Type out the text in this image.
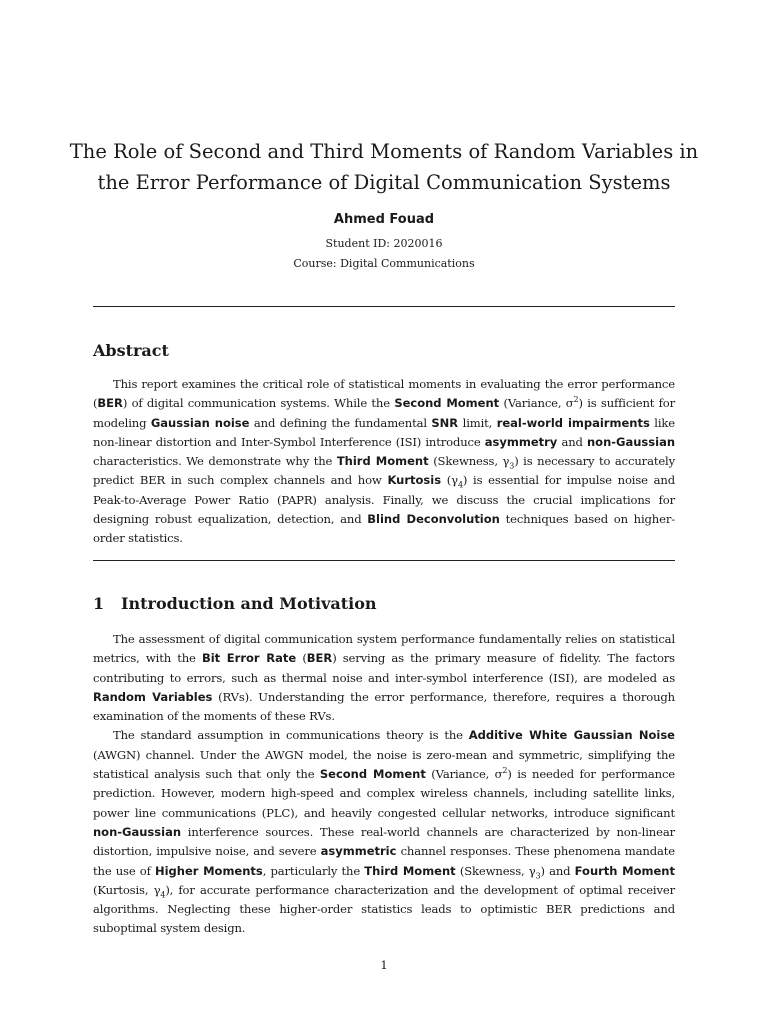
The Role of Second and Third Moments of Random Variables in the Error Performance of Digital Communication Systems
Ahmed Fouad
Student ID: 2020016
Course: Digital Communications
Abstract

This report examines the critical role of statistical moments in evaluating the error performance (BER) of digital communication systems. While the Second Moment (Variance, $\sigma^2$) is sufficient for modeling Gaussian noise and defining the fundamental SNR limit, real-world impairments like non-linear distortion and Inter-Symbol Interference (ISI) introduce asymmetry and non-Gaussian characteristics. We demonstrate why the Third Moment (Skewness, $\gamma_3$) is necessary to accurately predict BER in such complex channels and how Kurtosis $(\gamma_4)$ is essential for impulse noise and Peak-to-Average Power Ratio (PAPR) analysis. Finally, we discuss the crucial implications for designing robust equalization, detection, and Blind Deconvolution techniques based on higher-order statistics.

1 Introduction and Motivation

The assessment of digital communication system performance fundamentally relies on statistical metrics, with the Bit Error Rate (BER) serving as the primary measure of fidelity. The factors contributing to errors, such as thermal noise and inter-symbol interference (ISI), are modeled as Random Variables (RVs). Understanding the error performance, therefore, requires a thorough examination of the moments of these RVs.

The standard assumption in communications theory is the Additive White Gaussian Noise (AWGN) channel. Under the AWGN model, the noise is zero-mean and symmetric, simplifying the statistical analysis such that only the Second Moment (Variance, $\sigma^2$) is needed for performance prediction. However, modern high-speed and complex wireless channels, including satellite links, power line communications (PLC), and heavily congested cellular networks, introduce significant non-Gaussian interference sources. These real-world channels are characterized by non-linear distortion, impulsive noise, and severe asymmetric channel responses. These phenomena mandate the use of Higher Moments, particularly the Third Moment (Skewness, $\gamma_3$) and Fourth Moment (Kurtosis, $\gamma_4$), for accurate performance characterization and the development of optimal receiver algorithms. Neglecting these higher-order statistics leads to optimistic BER predictions and suboptimal system design.

1
